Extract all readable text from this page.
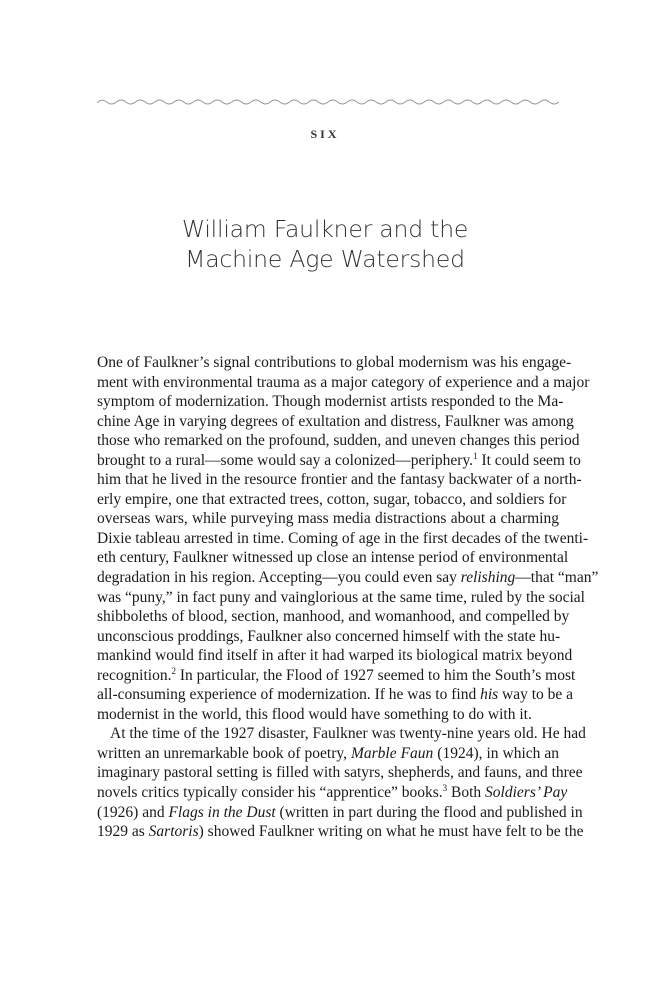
SIX
William Faulkner and the
Machine Age Watershed
One of Faulkner’s signal contributions to global modernism was his engage-
ment with environmental trauma as a major category of experience and a major
symptom of modernization. Though modernist artists responded to the Ma-
chine Age in varying degrees of exultation and distress, Faulkner was among
those who remarked on the profound, sudden, and uneven changes this period
brought to a rural—some would say a colonized—periphery.$^1$ It could seem to
him that he lived in the resource frontier and the fantasy backwater of a north-
erly empire, one that extracted trees, cotton, sugar, tobacco, and soldiers for
overseas wars, while purveying mass media distractions about a charming
Dixie tableau arrested in time. Coming of age in the first decades of the twenti-
eth century, Faulkner witnessed up close an intense period of environmental
degradation in his region. Accepting—you could even say relishing—that “man”
was “puny,” in fact puny and vainglorious at the same time, ruled by the social
shibboleths of blood, section, manhood, and womanhood, and compelled by
unconscious proddings, Faulkner also concerned himself with the state hu-
mankind would find itself in after it had warped its biological matrix beyond
recognition.$^2$ In particular, the Flood of 1927 seemed to him the South’s most
all-consuming experience of modernization. If he was to find his way to be a
modernist in the world, this flood would have something to do with it.
At the time of the 1927 disaster, Faulkner was twenty-nine years old. He had
written an unremarkable book of poetry, Marble Faun (1924), in which an
imaginary pastoral setting is filled with satyrs, shepherds, and fauns, and three
novels critics typically consider his “apprentice” books.$^3$ Both Soldiers’ Pay
(1926) and Flags in the Dust (written in part during the flood and published in
1929 as Sartoris) showed Faulkner writing on what he must have felt to be the
